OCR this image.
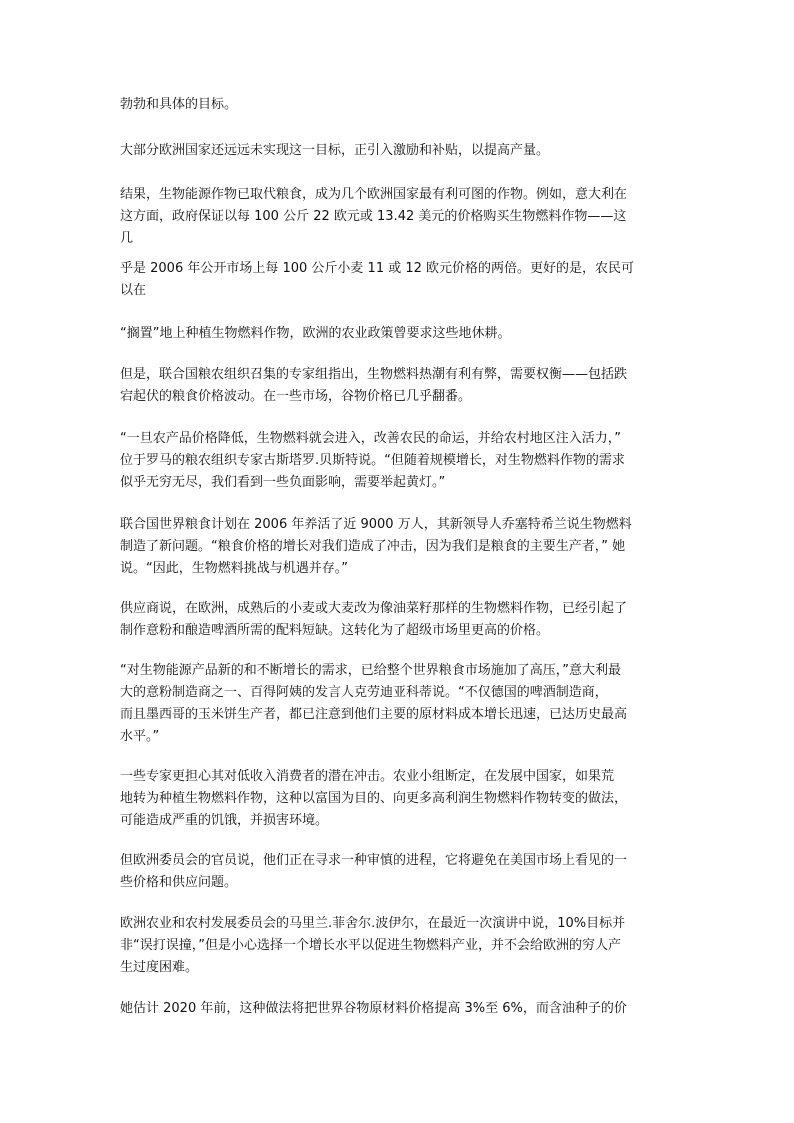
勃勃和具体的目标。

大部分欧洲国家还远远未实现这一目标，正引入激励和补贴，以提高产量。

结果，生物能源作物已取代粮食，成为几个欧洲国家最有利可图的作物。例如，意大利在
这方面，政府保证以每 100 公斤 22 欧元或 13.42 美元的价格购买生物燃料作物——这
几

乎是 2006 年公开市场上每 100 公斤小麦 11 或 12 欧元价格的两倍。更好的是，农民可
以在

“搁置”地上种植生物燃料作物，欧洲的农业政策曾要求这些地休耕。

但是，联合国粮农组织召集的专家组指出，生物燃料热潮有利有弊，需要权衡——包括跌
宕起伏的粮食价格波动。在一些市场，谷物价格已几乎翻番。

“一旦农产品价格降低，生物燃料就会进入，改善农民的命运，并给农村地区注入活力，”
位于罗马的粮农组织专家古斯塔罗.贝斯特说。“但随着规模增长，对生物燃料作物的需求
似乎无穷无尽，我们看到一些负面影响，需要举起黄灯。”

联合国世界粮食计划在 2006 年养活了近 9000 万人，其新领导人乔塞特希兰说生物燃料
制造了新问题。“粮食价格的增长对我们造成了冲击，因为我们是粮食的主要生产者，” 她
说。“因此，生物燃料挑战与机遇并存。”

供应商说，在欧洲，成熟后的小麦或大麦改为像油菜籽那样的生物燃料作物，已经引起了
制作意粉和酿造啤酒所需的配料短缺。这转化为了超级市场里更高的价格。

“对生物能源产品新的和不断增长的需求，已给整个世界粮食市场施加了高压，”意大利最
大的意粉制造商之一、百得阿姨的发言人克劳迪亚科蒂说。“不仅德国的啤酒制造商，
而且墨西哥的玉米饼生产者，都已注意到他们主要的原材料成本增长迅速，已达历史最高
水平。”

一些专家更担心其对低收入消费者的潜在冲击。农业小组断定，在发展中国家，如果荒
地转为种植生物燃料作物，这种以富国为目的、向更多高利润生物燃料作物转变的做法，
可能造成严重的饥饿，并损害环境。

但欧洲委员会的官员说，他们正在寻求一种审慎的进程，它将避免在美国市场上看见的一
些价格和供应问题。

欧洲农业和农村发展委员会的马里兰.菲舍尔.波伊尔，在最近一次演讲中说，10%目标并
非“误打误撞，”但是小心选择一个增长水平以促进生物燃料产业，并不会给欧洲的穷人产
生过度困难。

她估计 2020 年前，这种做法将把世界谷物原材料价格提高 3%至 6%，而含油种子的价
